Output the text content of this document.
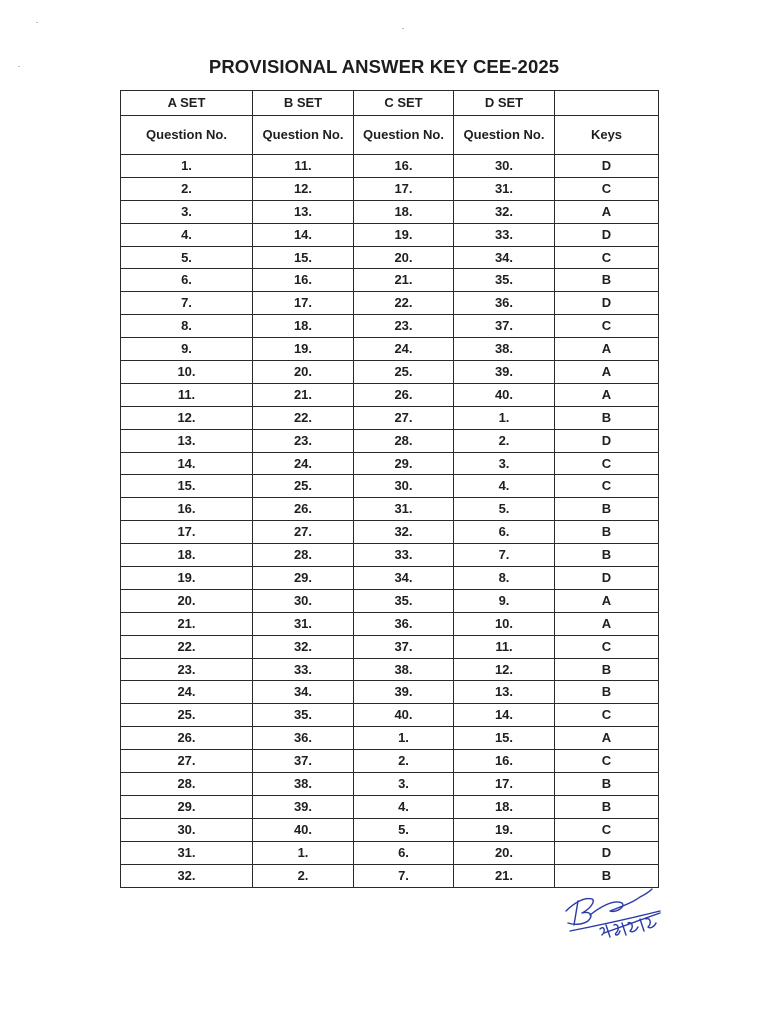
PROVISIONAL ANSWER KEY CEE-2025
A SET	B SET	C SET	D SET	
Question No.	Question No.	Question No.	Question No.	Keys
1.	11.	16.	30.	D
2.	12.	17.	31.	C
3.	13.	18.	32.	A
4.	14.	19.	33.	D
5.	15.	20.	34.	C
6.	16.	21.	35.	B
7.	17.	22.	36.	D
8.	18.	23.	37.	C
9.	19.	24.	38.	A
10.	20.	25.	39.	A
11.	21.	26.	40.	A
12.	22.	27.	1.	B
13.	23.	28.	2.	D
14.	24.	29.	3.	C
15.	25.	30.	4.	C
16.	26.	31.	5.	B
17.	27.	32.	6.	B
18.	28.	33.	7.	B
19.	29.	34.	8.	D
20.	30.	35.	9.	A
21.	31.	36.	10.	A
22.	32.	37.	11.	C
23.	33.	38.	12.	B
24.	34.	39.	13.	B
25.	35.	40.	14.	C
26.	36.	1.	15.	A
27.	37.	2.	16.	C
28.	38.	3.	17.	B
29.	39.	4.	18.	B
30.	40.	5.	19.	C
31.	1.	6.	20.	D
32.	2.	7.	21.	B
